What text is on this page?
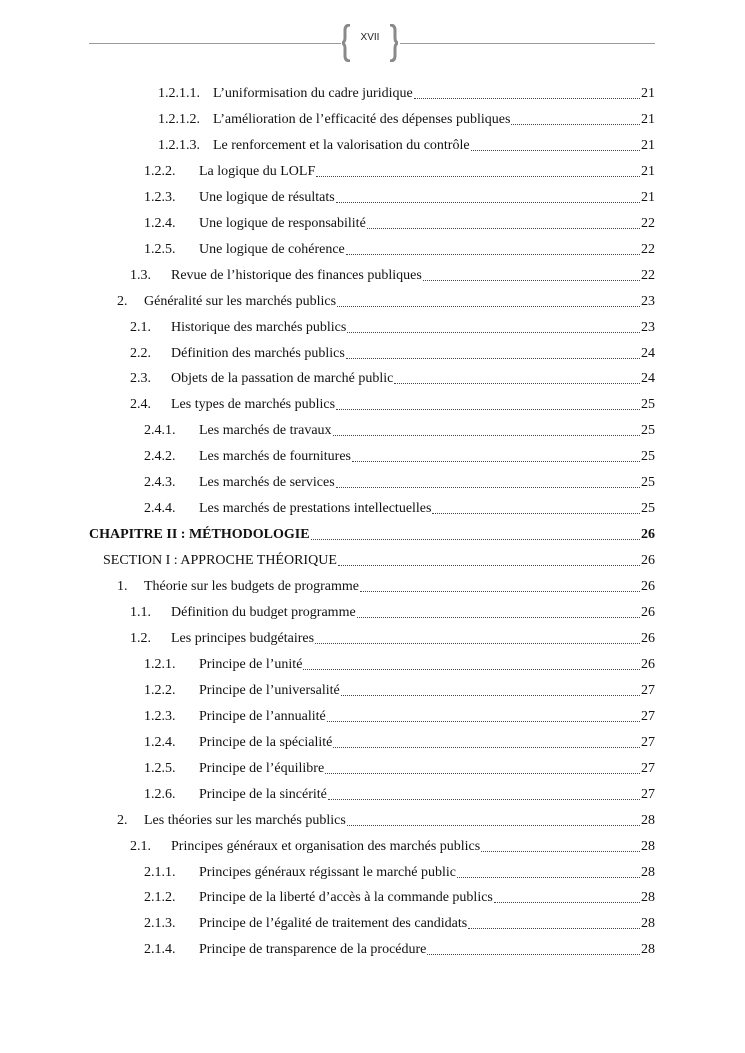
XVII
1.2.1.1. L’uniformisation du cadre juridique	21
1.2.1.2. L’amélioration de l’efficacité des dépenses publiques	21
1.2.1.3. Le renforcement et la valorisation du contrôle	21
1.2.2.	La logique du LOLF	21
1.2.3.	Une logique de résultats	21
1.2.4.	Une logique de responsabilité	22
1.2.5.	Une logique de cohérence	22
1.3.	Revue de l’historique des finances publiques	22
2.	Généralité sur les marchés publics	23
2.1.	Historique des marchés publics	23
2.2.	Définition des marchés publics	24
2.3.	Objets de la passation de marché public	24
2.4.	Les types de marchés publics	25
2.4.1.	Les marchés de travaux	25
2.4.2.	Les marchés de fournitures	25
2.4.3.	Les marchés de services	25
2.4.4.	Les marchés de prestations intellectuelles	25
CHAPITRE II : MÉTHODOLOGIE	26
SECTION I : APPROCHE THÉORIQUE	26
1.	Théorie sur les budgets de programme	26
1.1.	Définition du budget programme	26
1.2.	Les principes budgétaires	26
1.2.1.	Principe de l’unité	26
1.2.2.	Principe de l’universalité	27
1.2.3.	Principe de l’annualité	27
1.2.4.	Principe de la spécialité	27
1.2.5.	Principe de l’équilibre	27
1.2.6.	Principe de la sincérité	27
2.	Les théories sur les marchés publics	28
2.1.	Principes généraux et organisation des marchés publics	28
2.1.1.	Principes généraux régissant le marché public	28
2.1.2.	Principe de la liberté d’accès à la commande publics	28
2.1.3.	Principe de l’égalité de traitement des candidats	28
2.1.4.	Principe de transparence de la procédure	28
